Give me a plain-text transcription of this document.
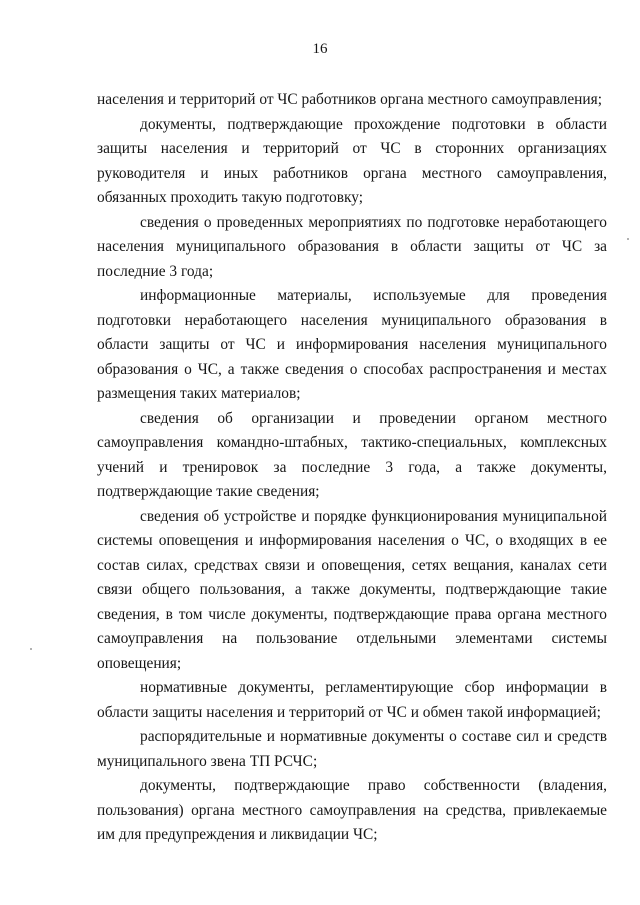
16

населения и территорий от ЧС работников органа местного самоуправления;

документы, подтверждающие прохождение подготовки в области защиты населения и территорий от ЧС в сторонних организациях руководителя и иных работников органа местного самоуправления, обязанных проходить такую подготовку;

сведения о проведенных мероприятиях по подготовке неработающего населения муниципального образования в области защиты от ЧС за последние 3 года;

информационные материалы, используемые для проведения подготовки неработающего населения муниципального образования в области защиты от ЧС и информирования населения муниципального образования о ЧС, а также сведения о способах распространения и местах размещения таких материалов;

сведения об организации и проведении органом местного самоуправления командно-штабных, тактико-специальных, комплексных учений и тренировок за последние 3 года, а также документы, подтверждающие такие сведения;

сведения об устройстве и порядке функционирования муниципальной системы оповещения и информирования населения о ЧС, о входящих в ее состав силах, средствах связи и оповещения, сетях вещания, каналах сети связи общего пользования, а также документы, подтверждающие такие сведения, в том числе документы, подтверждающие права органа местного самоуправления на пользование отдельными элементами системы оповещения;

нормативные документы, регламентирующие сбор информации в области защиты населения и территорий от ЧС и обмен такой информацией;

распорядительные и нормативные документы о составе сил и средств муниципального звена ТП РСЧС;

документы, подтверждающие право собственности (владения, пользования) органа местного самоуправления на средства, привлекаемые им для предупреждения и ликвидации ЧС;
